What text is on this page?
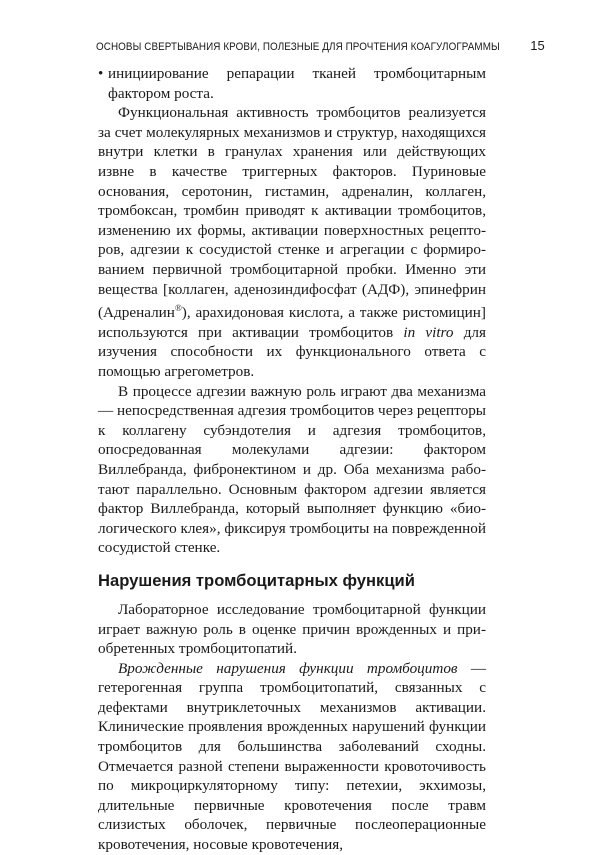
ОСНОВЫ СВЕРТЫВАНИЯ КРОВИ, ПОЛЕЗНЫЕ ДЛЯ ПРОЧТЕНИЯ КОАГУЛОГРАММЫ 15
• инициирование репарации тканей тромбоцитарным фактором роста.

Функциональная активность тромбоцитов реализуется за счет молекулярных механизмов и структур, находящихся внутри клетки в гранулах хранения или действующих извне в качестве триггерных факторов. Пуриновые основания, серотонин, гистамин, адреналин, коллаген, тромбоксан, тромбин приводят к активации тромбоцитов, изменению их формы, активации поверхностных рецепторов, адгезии к сосудистой стенке и агрегации с формированием первичной тромбоцитарной пробки. Именно эти вещества [коллаген, аденозиндифосфат (АДФ), эпинефрин (Адреналин®), арахидоновая кислота, а также ристомицин] используются при активации тромбоцитов in vitro для изучения способности их функционального ответа с помощью агрегометров.

В процессе адгезии важную роль играют два механизма — непосредственная адгезия тромбоцитов через рецепторы к коллагену субэндотелия и адгезия тромбоцитов, опосредованная молекулами адгезии: фактором Виллебранда, фибронектином и др. Оба механизма работают параллельно. Основным фактором адгезии является фактор Виллебранда, который выполняет функцию «биологического клея», фиксируя тромбоциты на поврежденной сосудистой стенке.

Нарушения тромбоцитарных функций

Лабораторное исследование тромбоцитарной функции играет важную роль в оценке причин врожденных и приобретенных тромбоцитопатий.

Врожденные нарушения функции тромбоцитов — гетерогенная группа тромбоцитопатий, связанных с дефектами внутриклеточных механизмов активации. Клинические проявления врожденных нарушений функции тромбоцитов для большинства заболеваний сходны. Отмечается разной степени выраженности кровоточивость по микроциркуляторному типу: петехии, экхимозы, длительные первичные кровотечения после травм слизистых оболочек, первичные послеоперационные кровотечения, носовые кровотечения,
